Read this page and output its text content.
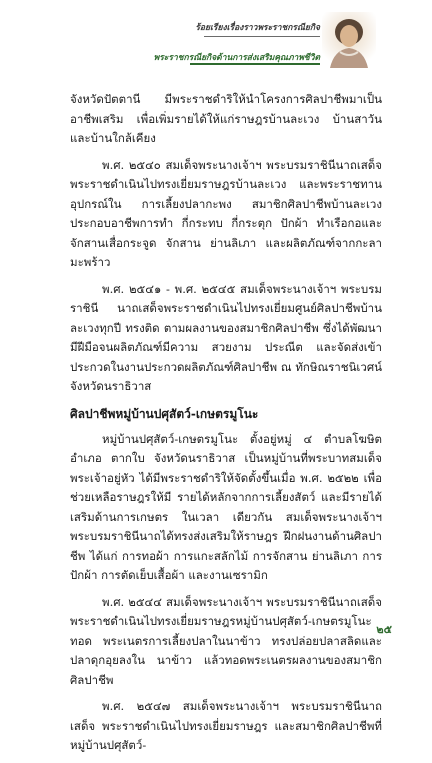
ร้อยเรียงเรื่องราวพระราชกรณียกิจ
พระราชกรณียกิจด้านการส่งเสริมคุณภาพชีวิต

จังหวัดปัตตานี มีพระราชดำริให้นำโครงการศิลปาชีพมาเป็นอาชีพเสริม เพื่อเพิ่มรายได้ให้แก่ราษฎรบ้านละเวง บ้านสาวัน และบ้านใกล้เคียง

พ.ศ. ๒๕๔๐ สมเด็จพระนางเจ้าฯ พระบรมราชินีนาถเสด็จ พระราชดำเนินไปทรงเยี่ยมราษฎรบ้านละเวง และพระราชทานอุปกรณ์ใน การเลี้ยงปลากะพง สมาชิกศิลปาชีพบ้านละเวงประกอบอาชีพการทำ กี่กระทบ กี่กระตุก ปักผ้า ทำเรือกอและ จักสานเสื่อกระจูด จักสาน ย่านลิเภา และผลิตภัณฑ์จากกะลามะพร้าว

พ.ศ. ๒๕๔๑ - พ.ศ. ๒๕๔๕ สมเด็จพระนางเจ้าฯ พระบรมราชินี นาถเสด็จพระราชดำเนินไปทรงเยี่ยมศูนย์ศิลปาชีพบ้านละเวงทุกปี ทรงติด ตามผลงานของสมาชิกศิลปาชีพ ซึ่งได้พัฒนามีฝีมือจนผลิตภัณฑ์มีความ สวยงาม ประณีต และจัดส่งเข้าประกวดในงานประกวดผลิตภัณฑ์ศิลปาชีพ ณ ทักษิณราชนิเวศน์ จังหวัดนราธิวาส

ศิลปาชีพหมู่บ้านปศุสัตว์-เกษตรมูโนะ

หมู่บ้านปศุสัตว์-เกษตรมูโนะ ตั้งอยู่หมู่ ๔ ตำบลโฆษิต อำเภอ ตากใบ จังหวัดนราธิวาส เป็นหมู่บ้านที่พระบาทสมเด็จพระเจ้าอยู่หัว ได้มีพระราชดำริให้จัดตั้งขึ้นเมื่อ พ.ศ. ๒๕๒๒ เพื่อช่วยเหลือราษฎรให้มี รายได้หลักจากการเลี้ยงสัตว์ และมีรายได้เสริมด้านการเกษตร ในเวลา เดียวกัน สมเด็จพระนางเจ้าฯ พระบรมราชินีนาถได้ทรงส่งเสริมให้ราษฎร ฝึกฝนงานด้านศิลปาชีพ ได้แก่ การทอผ้า การแกะสลักไม้ การจักสาน ย่านลิเภา การปักผ้า การตัดเย็บเสื้อผ้า และงานเซรามิก

พ.ศ. ๒๕๔๔ สมเด็จพระนางเจ้าฯ พระบรมราชินีนาถเสด็จ พระราชดำเนินไปทรงเยี่ยมราษฎรหมู่บ้านปศุสัตว์-เกษตรมูโนะ ทอด พระเนตรการเลี้ยงปลาในนาข้าว ทรงปล่อยปลาสลิดและปลาดุกอุยลงใน นาข้าว แล้วทอดพระเนตรผลงานของสมาชิกศิลปาชีพ

พ.ศ. ๒๕๔๗ สมเด็จพระนางเจ้าฯ พระบรมราชินีนาถ เสด็จ พระราชดำเนินไปทรงเยี่ยมราษฎร และสมาชิกศิลปาชีพที่หมู่บ้านปศุสัตว์-

๒๕
